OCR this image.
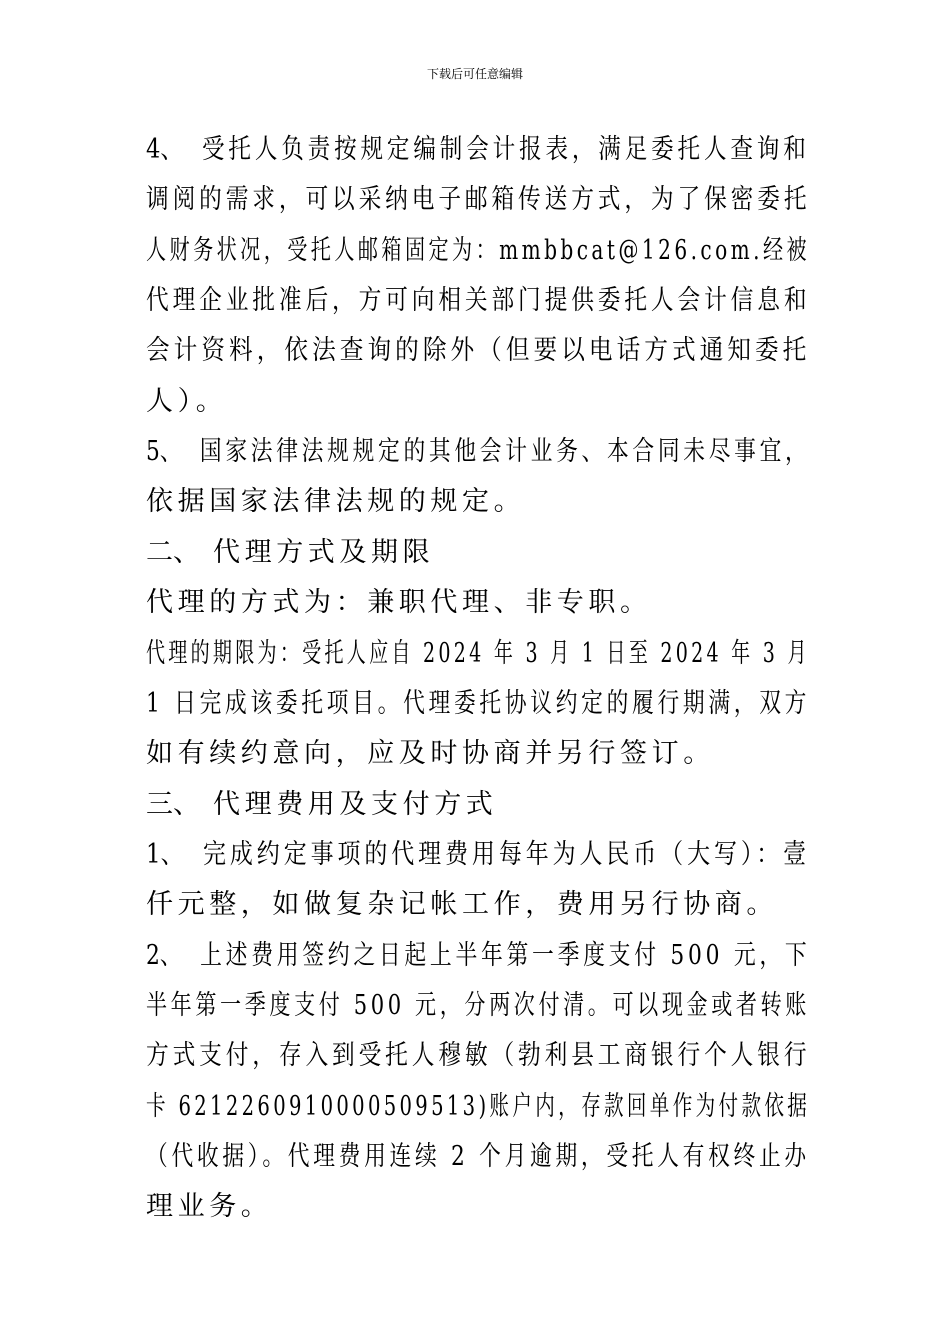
下载后可任意编辑
4、 受托人负责按规定编制会计报表，满足委托人查询和
调阅的需求，可以采纳电子邮箱传送方式，为了保密委托
人财务状况，受托人邮箱固定为：mmbbcat@126.com.经被
代理企业批准后，方可向相关部门提供委托人会计信息和
会计资料，依法查询的除外（但要以电话方式通知委托
人）。
5、 国家法律法规规定的其他会计业务、本合同未尽事宜，
依据国家法律法规的规定。
二、 代理方式及期限
代理的方式为：兼职代理、非专职。
代理的期限为：受托人应自 2024 年 3 月 1 日至 2024 年 3 月
1 日完成该委托项目。代理委托协议约定的履行期满，双方
如有续约意向，应及时协商并另行签订。
三、 代理费用及支付方式
1、 完成约定事项的代理费用每年为人民币（大写）：壹
仟元整，如做复杂记帐工作，费用另行协商。
2、 上述费用签约之日起上半年第一季度支付 500 元，下
半年第一季度支付 500 元，分两次付清。可以现金或者转账
方式支付，存入到受托人穆敏（勃利县工商银行个人银行
卡 6212260910000509513)账户内，存款回单作为付款依据
（代收据）。代理费用连续 2 个月逾期，受托人有权终止办
理业务。
